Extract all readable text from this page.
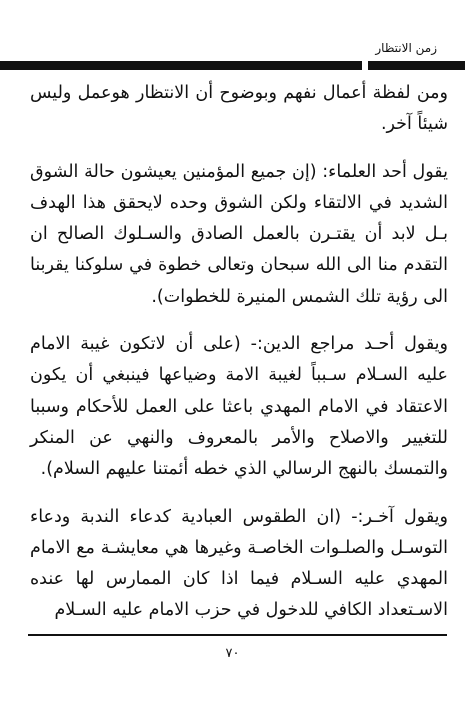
زمن الانتظار

ومن لفظة أعمال نفهم وبوضوح أن الانتظار هوعمل وليس شيئاً آخر.

يقول أحد العلماء: (إن جميع المؤمنين يعيشون حالة الشوق الشديد في الالتقاء ولكن الشوق وحده لايحقق هذا الهدف بـل لابد أن يقتـرن بالعمل الصادق والسـلوك الصالح ان التقدم منا الى الله سبحان وتعالى خطوة في سلوكنا يقربنا الى رؤية تلك الشمس المنيرة للخطوات).

ويقول أحـد مراجع الدين:- (على أن لاتكون غيبة الامام عليه السـلام سـبباً لغيبة الامة وضياعها فينبغي أن يكون الاعتقاد في الامام المهدي باعثا على العمل للأحكام وسببا للتغيير والاصلاح والأمر بالمعروف والنهي عن المنكر والتمسك بالنهج الرسالي الذي خطه أئمتنا عليهم السلام).

ويقول آخـر:- (ان الطقوس العبادية كدعاء الندبة ودعاء التوسـل والصلـوات الخاصـة وغيرها هي معايشـة مع الامام المهدي عليه السـلام فيما اذا كان الممارس لها عنده الاسـتعداد الكافي للدخول في حزب الامام عليه السـلام

٧٠
